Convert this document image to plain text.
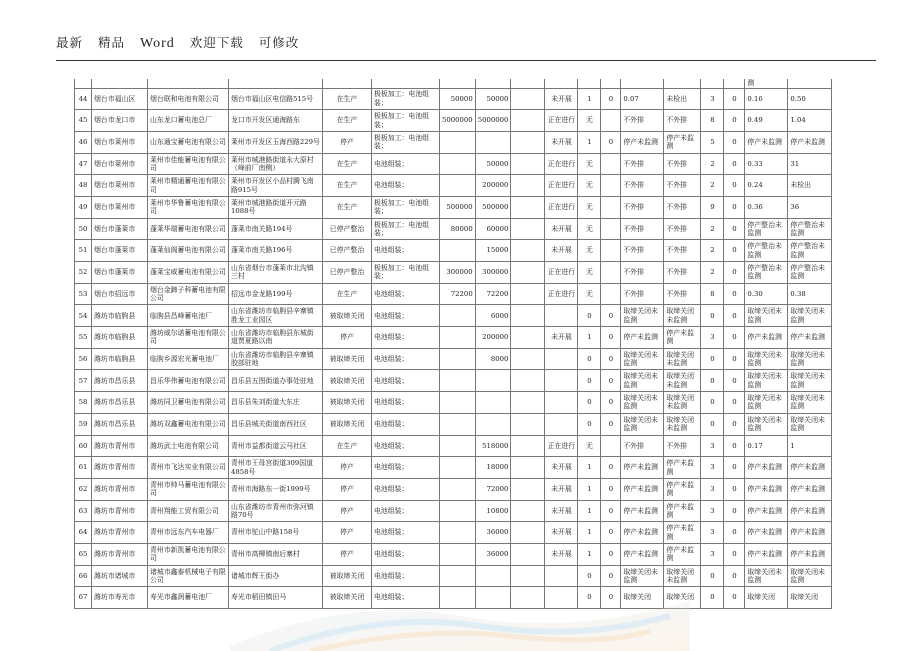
最新 精品 Word 欢迎下载 可修改
																测	
44	烟台市福山区	烟台联和电池有限公司	烟台市福山区电信路515号	在生产	极板加工：电池组装；	50000	50000		未开展	1	0	0.07	未检出	3	0	0.16	0.50
45	烟台市龙口市	山东龙口蓄电池总厂	龙口市开发区通海路东	在生产	极板加工：电池组装；	5000000	5000000		正在进行	无		不外排	不外排	8	0	0.49	1.04
46	烟台市莱州市	山东通宝蓄电池有限公司	莱州市开发区玉海西路229号	停产	极板加工：电池组装；				未开展	1	0	停产未监测	停产未监测	5	0	停产未监测	停产未监测
47	烟台市莱州市	莱州市佳能蓄电池有限公司	莱州市城港路街道永大原村（峰前厂南侧）	在生产	电池组装；		50000		正在进行	无		不外排	不外排	2	0	0.33	31
48	烟台市莱州市	莱州市精通蓄电池有限公司	莱州市开发区小品村腾飞南路915号	在生产	电池组装；		200000		正在进行	无		不外排	不外排	2	0	0.24	未检出
49	烟台市莱州市	莱州市华鲁蓄电池有限公司	莱州市城港路街道开元路1088号	在生产	极板加工：电池组装；	500000	500000		正在进行	无		不外排	不外排	9	0	0.36	36
50	烟台市蓬莱市	蓬莱华瑞蓄电池有限公司	蓬莱市南关路194号	已停产整治	极板加工：电池组装；	80000	60000		未开展	无		不外排	不外排	2	0	停产整治未监测	停产整治未监测
51	烟台市蓬莱市	蓬莱仙阁蓄电池有限公司	蓬莱市南关路196号	已停产整治	电池组装；		15000		未开展	无		不外排	不外排	2	0	停产整治未监测	停产整治未监测
52	烟台市蓬莱市	蓬莱宝威蓄电池有限公司	山东省烟台市蓬莱市北沟镇三村	已停产整治	极板加工：电池组装；	300000	300000		正在进行	无		不外排	不外排	2	0	停产整治未监测	停产整治未监测
53	烟台市招远市	烟台金蹄子科蓄电池有限公司	招远市金龙路199号	在生产	电池组装；	72200	72200		正在进行	无		不外排	不外排	8	0	0.30	0.38
54	潍坊市临朐县	临朐县昌峰蓄电池厂	山东省潍坊市临朐县辛寨镇胜龙工业园区	被取缔关闭	电池组装；		6000			0	0	取缔关闭未监测	取缔关闭未监测	0	0	取缔关闭未监测	取缔关闭未监测
55	潍坊市临朐县	潍坊威尔诺蓄电池有限公司	山东省潍坊市临朐县东城街道贾夏路以南	停产	电池组装；		200000		未开展	1	0	停产未监测	停产未监测	3	0	停产未监测	停产未监测
56	潍坊市临朐县	临朐乡源宏光蓄电池厂	山东省潍坊市临朐县辛寨镇胶部驻地	被取缔关闭	电池组装；		8000			0	0	取缔关闭未监测	取缔关闭未监测	0	0	取缔关闭未监测	取缔关闭未监测
57	潍坊市昌乐县	昌乐华伟蓄电池有限公司	昌乐县五图街道办事处驻地	被取缔关闭	电池组装；					0	0	取缔关闭未监测	取缔关闭未监测	0	0	取缔关闭未监测	取缔关闭未监测
58	潍坊市昌乐县	潍坊同卫蓄电池有限公司	昌乐县朱刘街道大东庄	被取缔关闭	电池组装；					0	0	取缔关闭未监测	取缔关闭未监测	0	0	取缔关闭未监测	取缔关闭未监测
59	潍坊市昌乐县	潍坊双鑫蓄电池有限公司	昌乐县城关街道南西社区	被取缔关闭	电池组装；					0	0	取缔关闭未监测	取缔关闭未监测	0	0	取缔关闭未监测	取缔关闭未监测
60	潍坊市青州市	潍坊武士电池有限公司	青州市益都街道云马社区	在生产	电池组装；		518000		正在进行	无		不外排	不外排	3	0	0.17	1
61	潍坊市青州市	青州市飞达实业有限公司	青州市王母宫街道309国道4858号	停产	电池组装；		18000		未开展	1	0	停产未监测	停产未监测	3	0	停产未监测	停产未监测
62	潍坊市青州市	青州市帅马蓄电池有限公司	青州市海路东一街1999号	停产	电池组装；		72000		未开展	1	0	停产未监测	停产未监测	3	0	停产未监测	停产未监测
63	潍坊市青州市	青州翔能工贸有限公司	山东省潍坊市青州市弥河镇路70号	停产	电池组装；		10800		未开展	1	0	停产未监测	停产未监测	3	0	停产未监测	停产未监测
64	潍坊市青州市	青州市远东汽车电器厂	青州市驼山中路158号	停产	电池组装；		36000		未开展	1	0	停产未监测	停产未监测	3	0	停产未监测	停产未监测
65	潍坊市青州市	青州市新凯蓄电池有限公司	青州市高柳镇南后寨村	停产	电池组装；		36000		未开展	1	0	停产未监测	停产未监测	3	0	停产未监测	停产未监测
66	潍坊市诸城市	诸城市鑫泰机械电子有限公司	诸城市辉王街办	被取缔关闭	电池组装；					0	0	取缔关闭未监测	取缔关闭未监测	0	0	取缔关闭未监测	取缔关闭未监测
67	潍坊市寿光市	寿光市鑫润蓄电池厂	寿光市稻田镇田马	被取缔关闭	电池组装；					0	0	取缔关闭	取缔关闭	0	0	取缔关闭	取缔关闭
